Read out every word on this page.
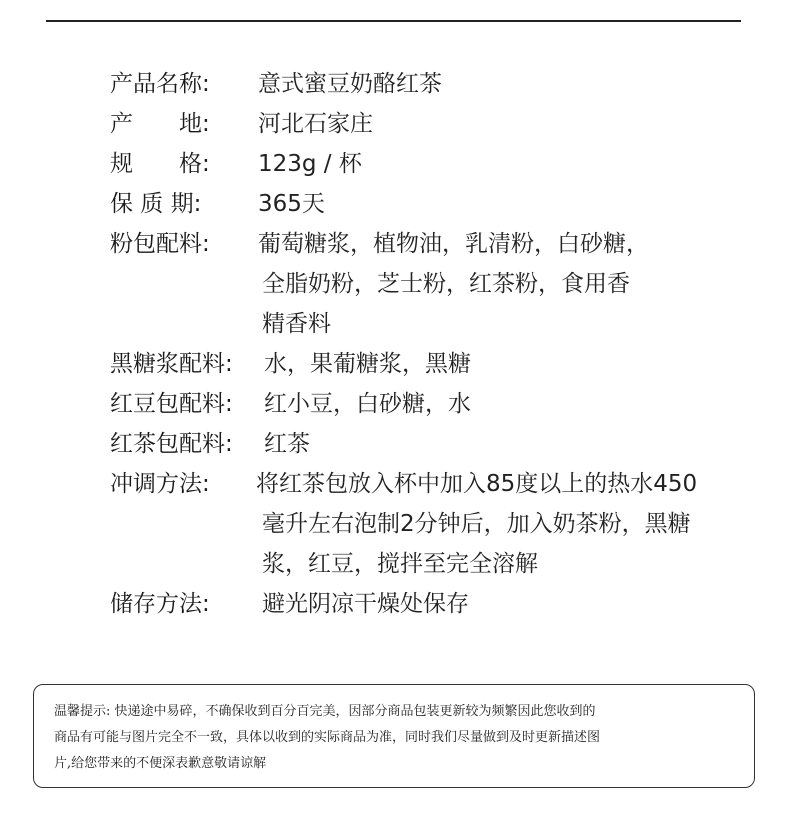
产品名称: 意式蜜豆奶酪红茶
产　　地: 河北石家庄
规　　格: 123g / 杯
保 质 期: 365天
粉包配料: 葡萄糖浆，植物油，乳清粉，白砂糖，
全脂奶粉，芝士粉，红茶粉，食用香
精香料
黑糖浆配料: 水，果葡糖浆，黑糖
红豆包配料: 红小豆，白砂糖，水
红茶包配料: 红茶
冲调方法: 将红茶包放入杯中加入85度以上的热水450
毫升左右泡制2分钟后，加入奶茶粉，黑糖
浆，红豆，搅拌至完全溶解
储存方法: 避光阴凉干燥处保存
温馨提示: 快递途中易碎，不确保收到百分百完美，因部分商品包装更新较为频繁因此您收到的
商品有可能与图片完全不一致，具体以收到的实际商品为准，同时我们尽量做到及时更新描述图
片,给您带来的不便深表歉意敬请谅解
